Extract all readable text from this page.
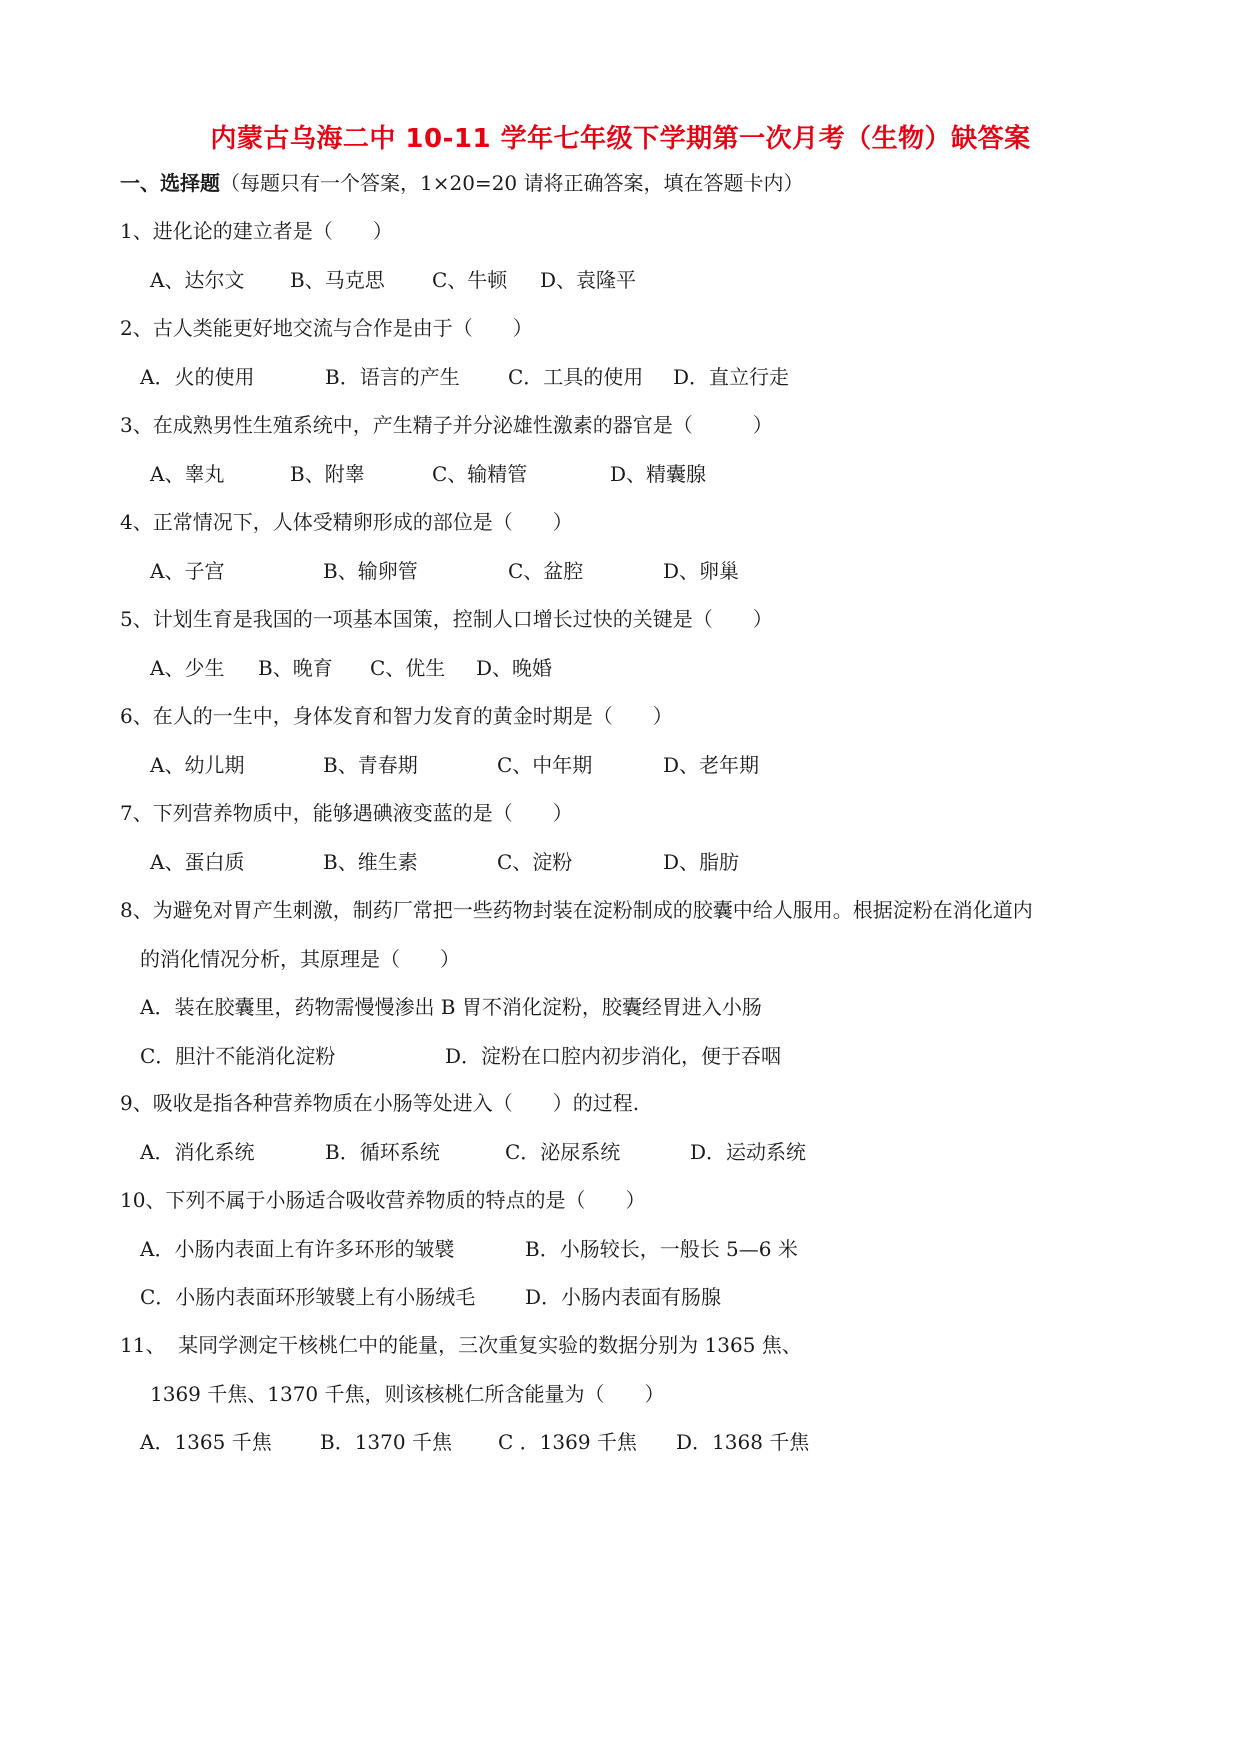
内蒙古乌海二中 10-11 学年七年级下学期第一次月考（生物）缺答案
一、选择题（每题只有一个答案，1×20=20 请将正确答案，填在答题卡内）
1、进化论的建立者是（　　）
A、达尔文 B、马克思 C、牛顿 D、袁隆平
2、古人类能更好地交流与合作是由于（　　）
A．火的使用	B．语言的产生 C．工具的使用 D．直立行走
3、在成熟男性生殖系统中，产生精子并分泌雄性激素的器官是（　　　）
A、睾丸	B、附睾	C、输精管	D、精囊腺
4、正常情况下，人体受精卵形成的部位是（　　）
A、子宫	B、输卵管	C、盆腔	D、卵巢
5、计划生育是我国的一项基本国策，控制人口增长过快的关键是（　　）
A、少生 B、晚育 C、优生 D、晚婚
6、在人的一生中，身体发育和智力发育的黄金时期是（　　）
A、幼儿期	B、青春期	C、中年期	D、老年期
7、下列营养物质中，能够遇碘液变蓝的是（　　）
A、蛋白质	B、维生素	C、淀粉	D、脂肪
8、为避免对胃产生刺激，制药厂常把一些药物封装在淀粉制成的胶囊中给人服用。根据淀粉在消化道内
的消化情况分析，其原理是（　　）
A．装在胶囊里，药物需慢慢渗出 B 胃不消化淀粉，胶囊经胃进入小肠
C．胆汁不能消化淀粉	D．淀粉在口腔内初步消化，便于吞咽
9、吸收是指各种营养物质在小肠等处进入（　　）的过程.
A．消化系统	B．循环系统	C．泌尿系统	D．运动系统
10、下列不属于小肠适合吸收营养物质的特点的是（　　）
A．小肠内表面上有许多环形的皱襞	B．小肠较长，一般长 5—6 米
C．小肠内表面环形皱襞上有小肠绒毛 D．小肠内表面有肠腺
11、  某同学测定干核桃仁中的能量，三次重复实验的数据分别为 1365 焦、
1369 千焦、1370 千焦，则该核桃仁所含能量为（　　）
A．1365 千焦 B．1370 千焦 C ．1369 千焦 D．1368 千焦
